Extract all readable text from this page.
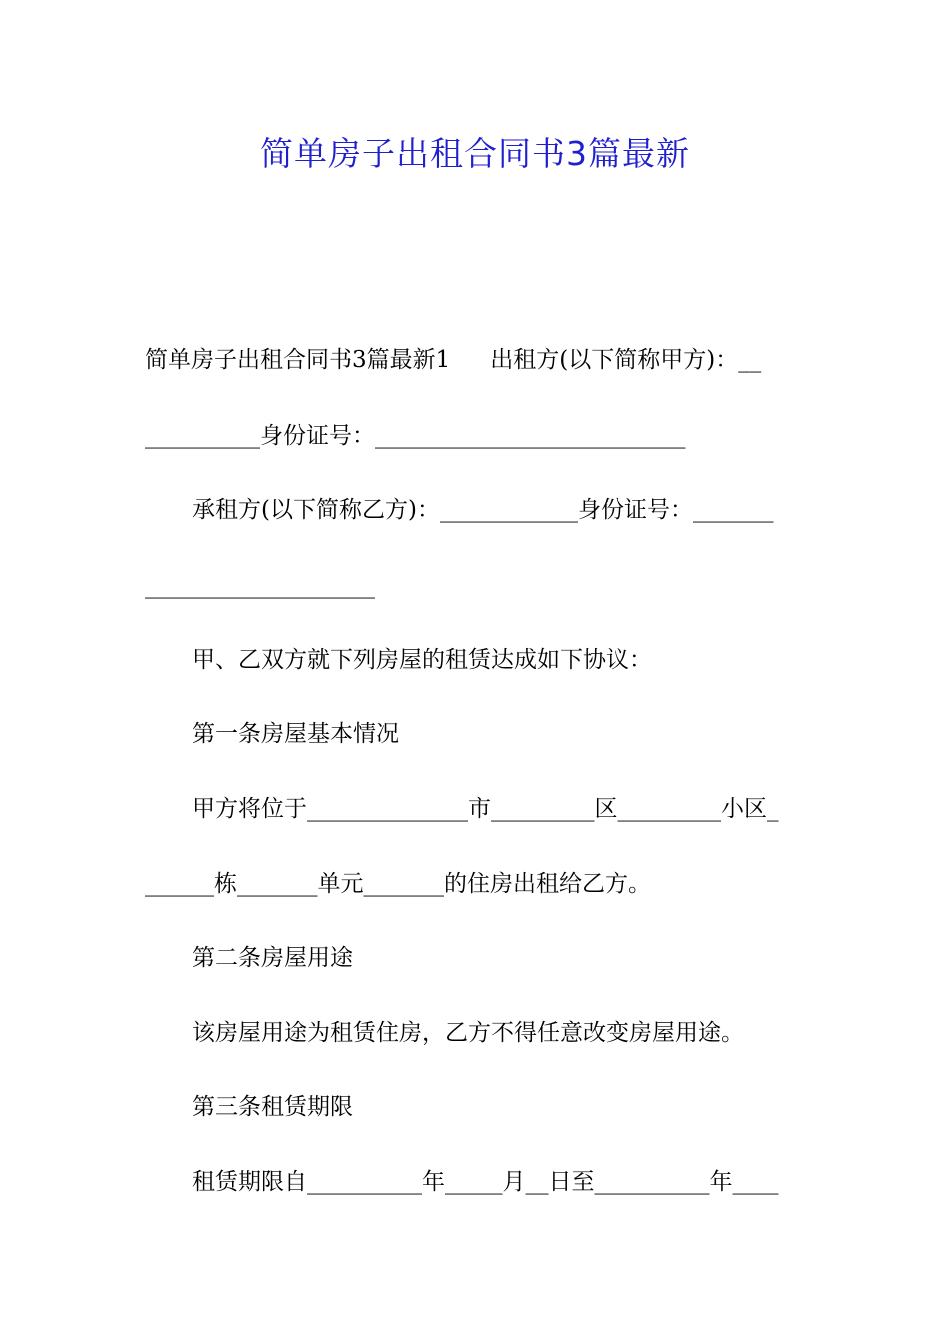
简单房子出租合同书3篇最新
简单房子出租合同书3篇最新1 出租方(以下简称甲方)：__
__________身份证号：___________________________
承租方(以下简称乙方)：____________身份证号：_______
____________________
甲、乙双方就下列房屋的租赁达成如下协议：
第一条房屋基本情况
甲方将位于______________市_________区_________小区_
______栋_______单元_______的住房出租给乙方。
第二条房屋用途
该房屋用途为租赁住房，乙方不得任意改变房屋用途。
第三条租赁期限
租赁期限自__________年_____月__日至__________年____
